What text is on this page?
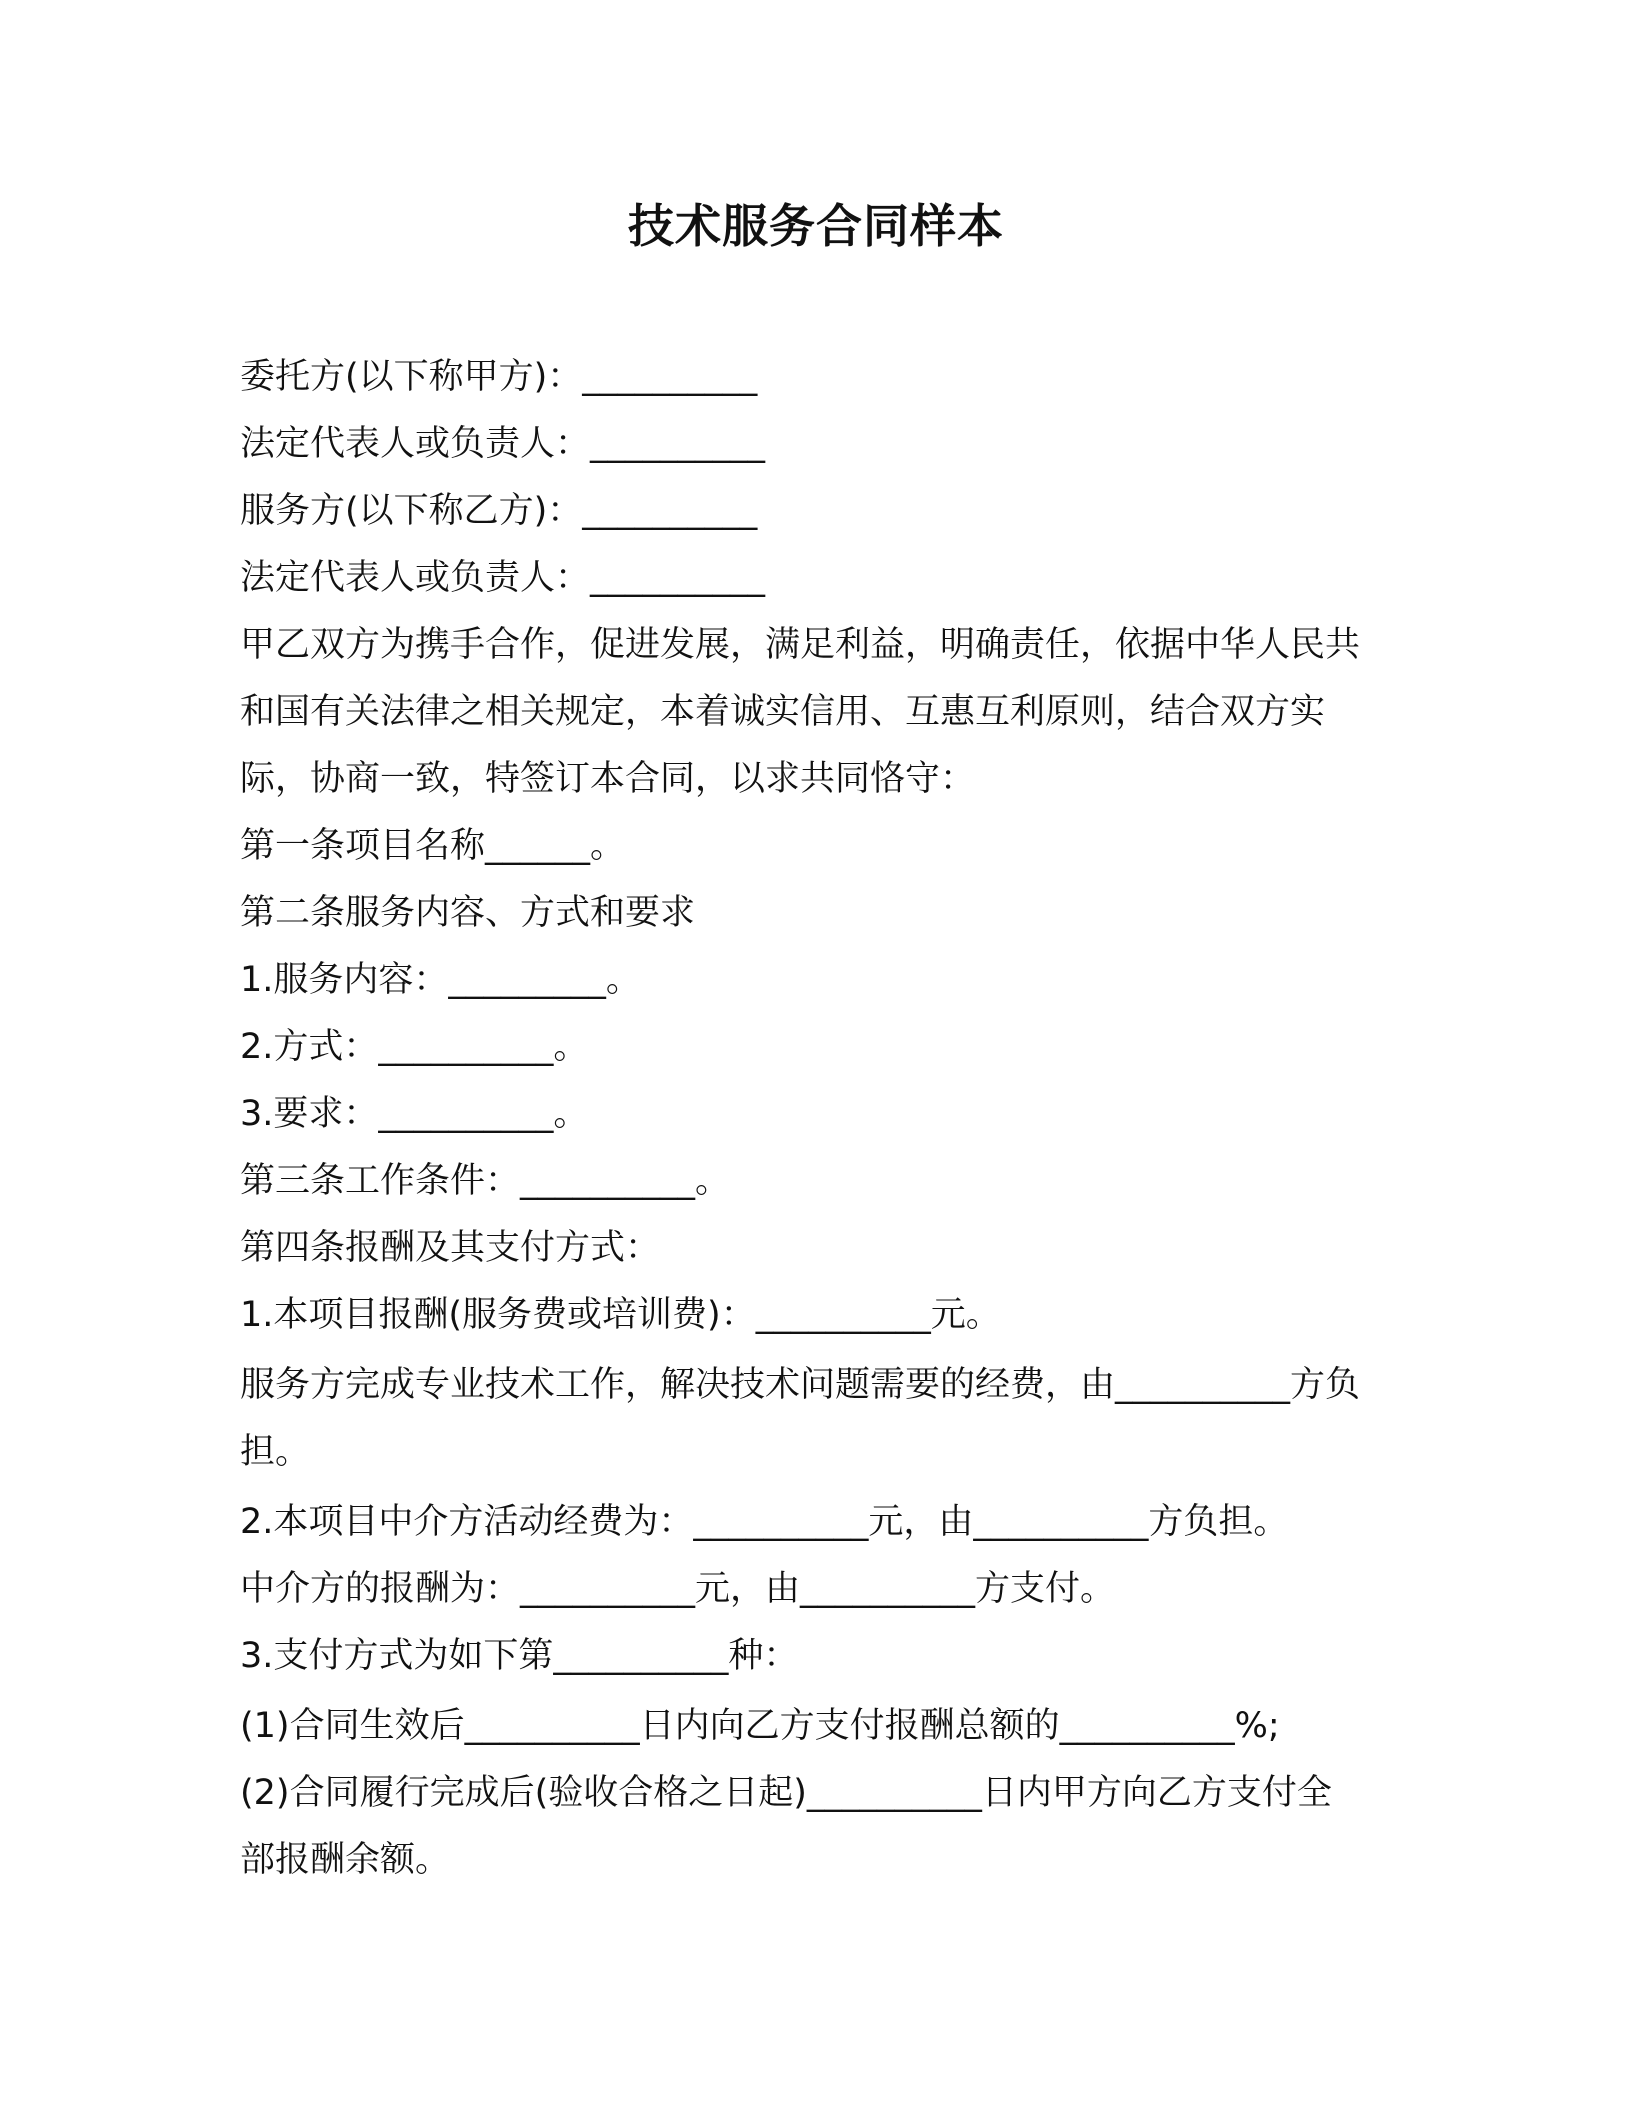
技术服务合同样本
委托方(以下称甲方)：__________
法定代表人或负责人：__________
服务方(以下称乙方)：__________
法定代表人或负责人：__________
甲乙双方为携手合作，促进发展，满足利益，明确责任，依据中华人民共和国有关法律之相关规定，本着诚实信用、互惠互利原则，结合双方实际，协商一致，特签订本合同，以求共同恪守：
第一条项目名称______。
第二条服务内容、方式和要求
1.服务内容：_________。
2.方式：__________。
3.要求：__________。
第三条工作条件：__________。
第四条报酬及其支付方式：
1.本项目报酬(服务费或培训费)：__________元。
服务方完成专业技术工作，解决技术问题需要的经费，由__________方负担。
2.本项目中介方活动经费为：__________元，由__________方负担。
中介方的报酬为：__________元，由__________方支付。
3.支付方式为如下第__________种：
(1)合同生效后__________日内向乙方支付报酬总额的__________%;
(2)合同履行完成后(验收合格之日起)__________日内甲方向乙方支付全部报酬余额。
